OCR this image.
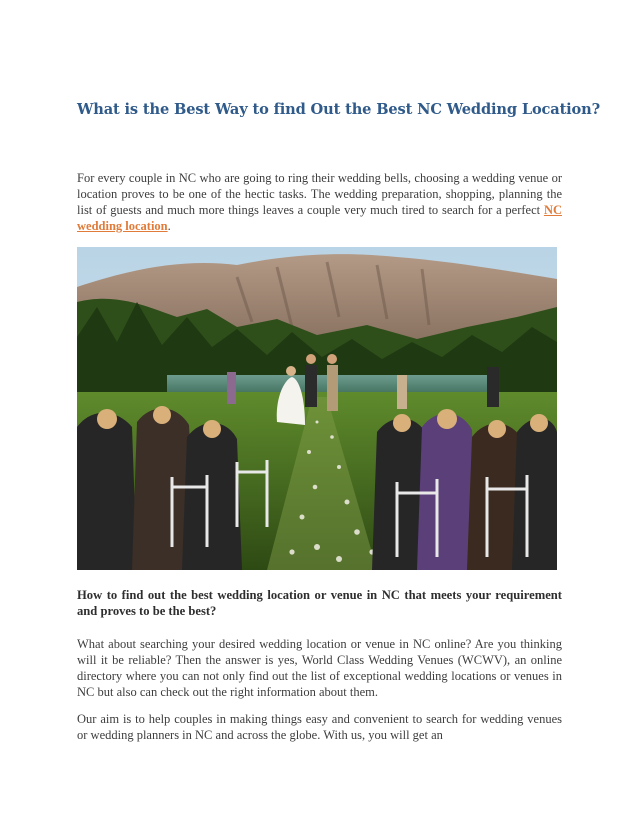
What is the Best Way to find Out the Best NC Wedding Location?

For every couple in NC who are going to ring their wedding bells, choosing a wedding venue or location proves to be one of the hectic tasks. The wedding preparation, shopping, planning the list of guests and much more things leaves a couple very much tired to search for a perfect NC wedding location.

How to find out the best wedding location or venue in NC that meets your requirement and proves to be the best?

What about searching your desired wedding location or venue in NC online? Are you thinking will it be reliable? Then the answer is yes, World Class Wedding Venues (WCWV), an online directory where you can not only find out the list of exceptional wedding locations or venues in NC but also can check out the right information about them.

Our aim is to help couples in making things easy and convenient to search for wedding venues or wedding planners in NC and across the globe. With us, you will get an
